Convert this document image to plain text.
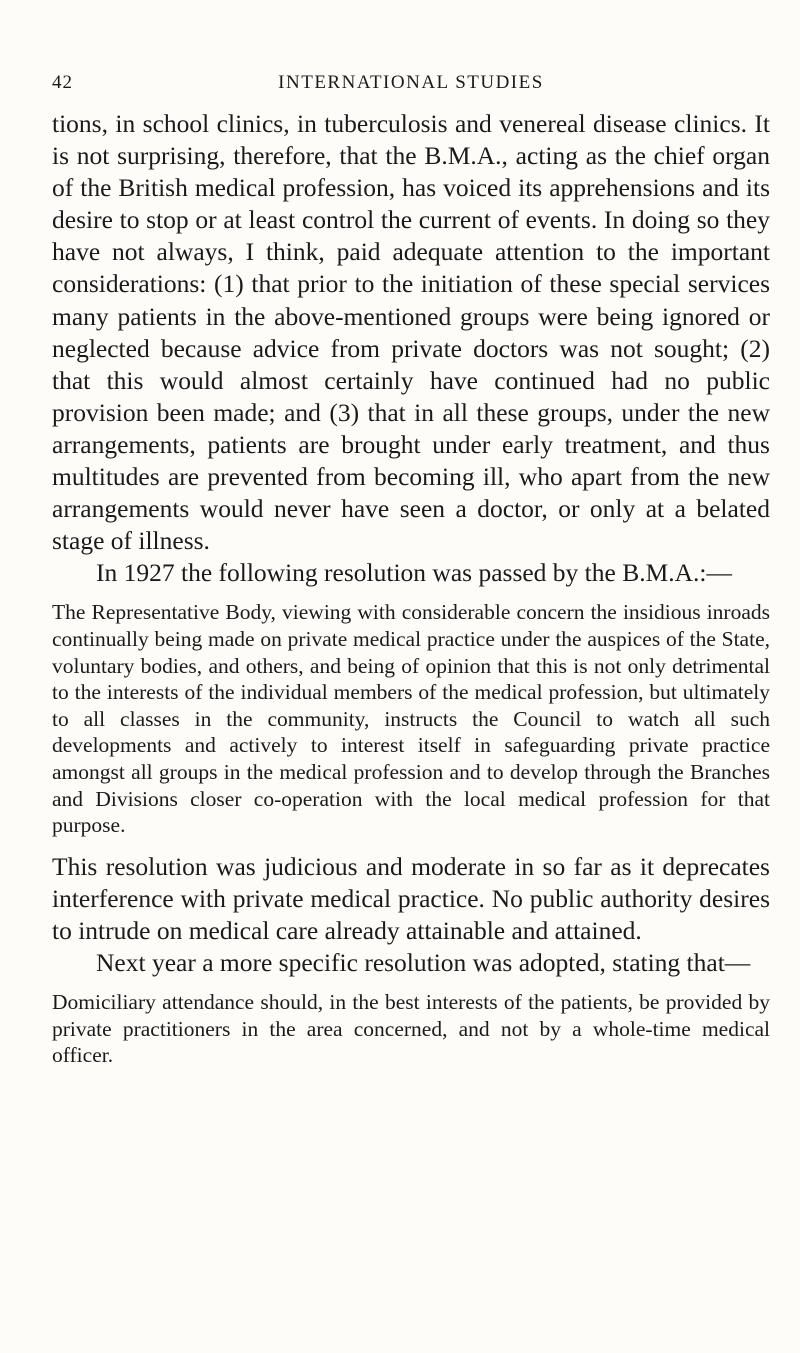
42	INTERNATIONAL STUDIES

tions, in school clinics, in tuberculosis and venereal disease clinics. It is not surprising, therefore, that the B.M.A., acting as the chief organ of the British medical profession, has voiced its apprehensions and its desire to stop or at least control the current of events. In doing so they have not always, I think, paid adequate attention to the important considerations: (1) that prior to the initiation of these special services many patients in the above-mentioned groups were being ignored or neglected because advice from private doctors was not sought; (2) that this would almost certainly have continued had no public provision been made; and (3) that in all these groups, under the new arrangements, patients are brought under early treatment, and thus multitudes are prevented from becoming ill, who apart from the new arrangements would never have seen a doctor, or only at a belated stage of illness.

In 1927 the following resolution was passed by the B.M.A.:—

The Representative Body, viewing with considerable concern the insidious inroads continually being made on private medical practice under the auspices of the State, voluntary bodies, and others, and being of opinion that this is not only detrimental to the interests of the individual members of the medical profession, but ultimately to all classes in the community, instructs the Council to watch all such developments and actively to interest itself in safeguarding private practice amongst all groups in the medical profession and to develop through the Branches and Divisions closer co-operation with the local medical profession for that purpose.

This resolution was judicious and moderate in so far as it deprecates interference with private medical practice. No public authority desires to intrude on medical care already attainable and attained.

Next year a more specific resolution was adopted, stating that—

Domiciliary attendance should, in the best interests of the patients, be provided by private practitioners in the area concerned, and not by a whole-time medical officer.
